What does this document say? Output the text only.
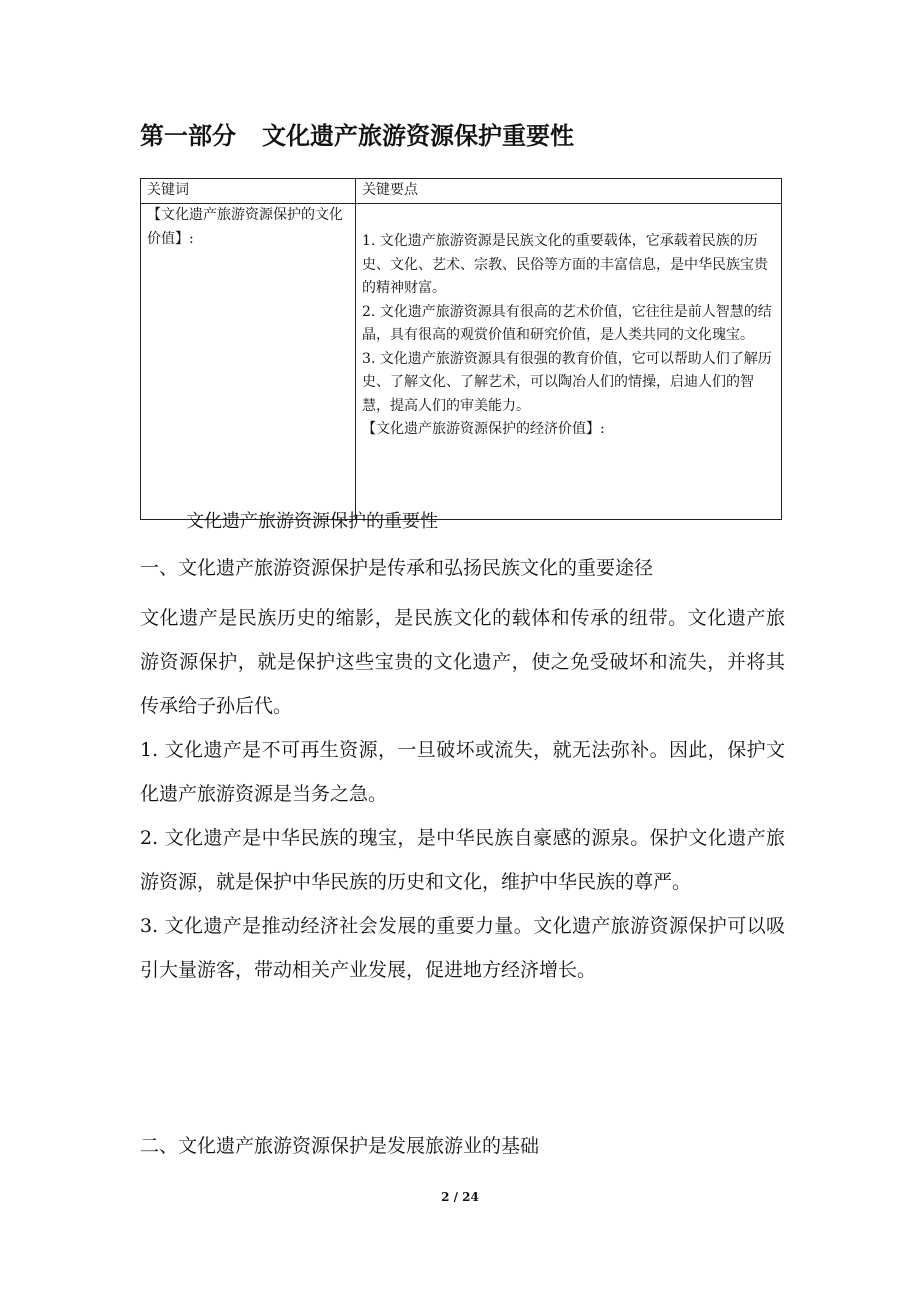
第一部分 文化遗产旅游资源保护重要性
关键词	关键要点
【文化遗产旅游资源保护的文化价值】:	1. 文化遗产旅游资源是民族文化的重要载体，它承载着民族的历史、文化、艺术、宗教、民俗等方面的丰富信息，是中华民族宝贵的精神财富。

2. 文化遗产旅游资源具有很高的艺术价值，它往往是前人智慧的结晶，具有很高的观赏价值和研究价值，是人类共同的文化瑰宝。

3. 文化遗产旅游资源具有很强的教育价值，它可以帮助人们了解历史、了解文化、了解艺术，可以陶冶人们的情操，启迪人们的智慧，提高人们的审美能力。

【文化遗产旅游资源保护的经济价值】:

文化遗产旅游资源保护的重要性
一、文化遗产旅游资源保护是传承和弘扬民族文化的重要途径

文化遗产是民族历史的缩影，是民族文化的载体和传承的纽带。文化遗产旅游资源保护，就是保护这些宝贵的文化遗产，使之免受破坏和流失，并将其传承给子孙后代。

1. 文化遗产是不可再生资源，一旦破坏或流失，就无法弥补。因此，保护文化遗产旅游资源是当务之急。

2. 文化遗产是中华民族的瑰宝，是中华民族自豪感的源泉。保护文化遗产旅游资源，就是保护中华民族的历史和文化，维护中华民族的尊严。

3. 文化遗产是推动经济社会发展的重要力量。文化遗产旅游资源保护可以吸引大量游客，带动相关产业发展，促进地方经济增长。

二、文化遗产旅游资源保护是发展旅游业的基础
2 / 24
